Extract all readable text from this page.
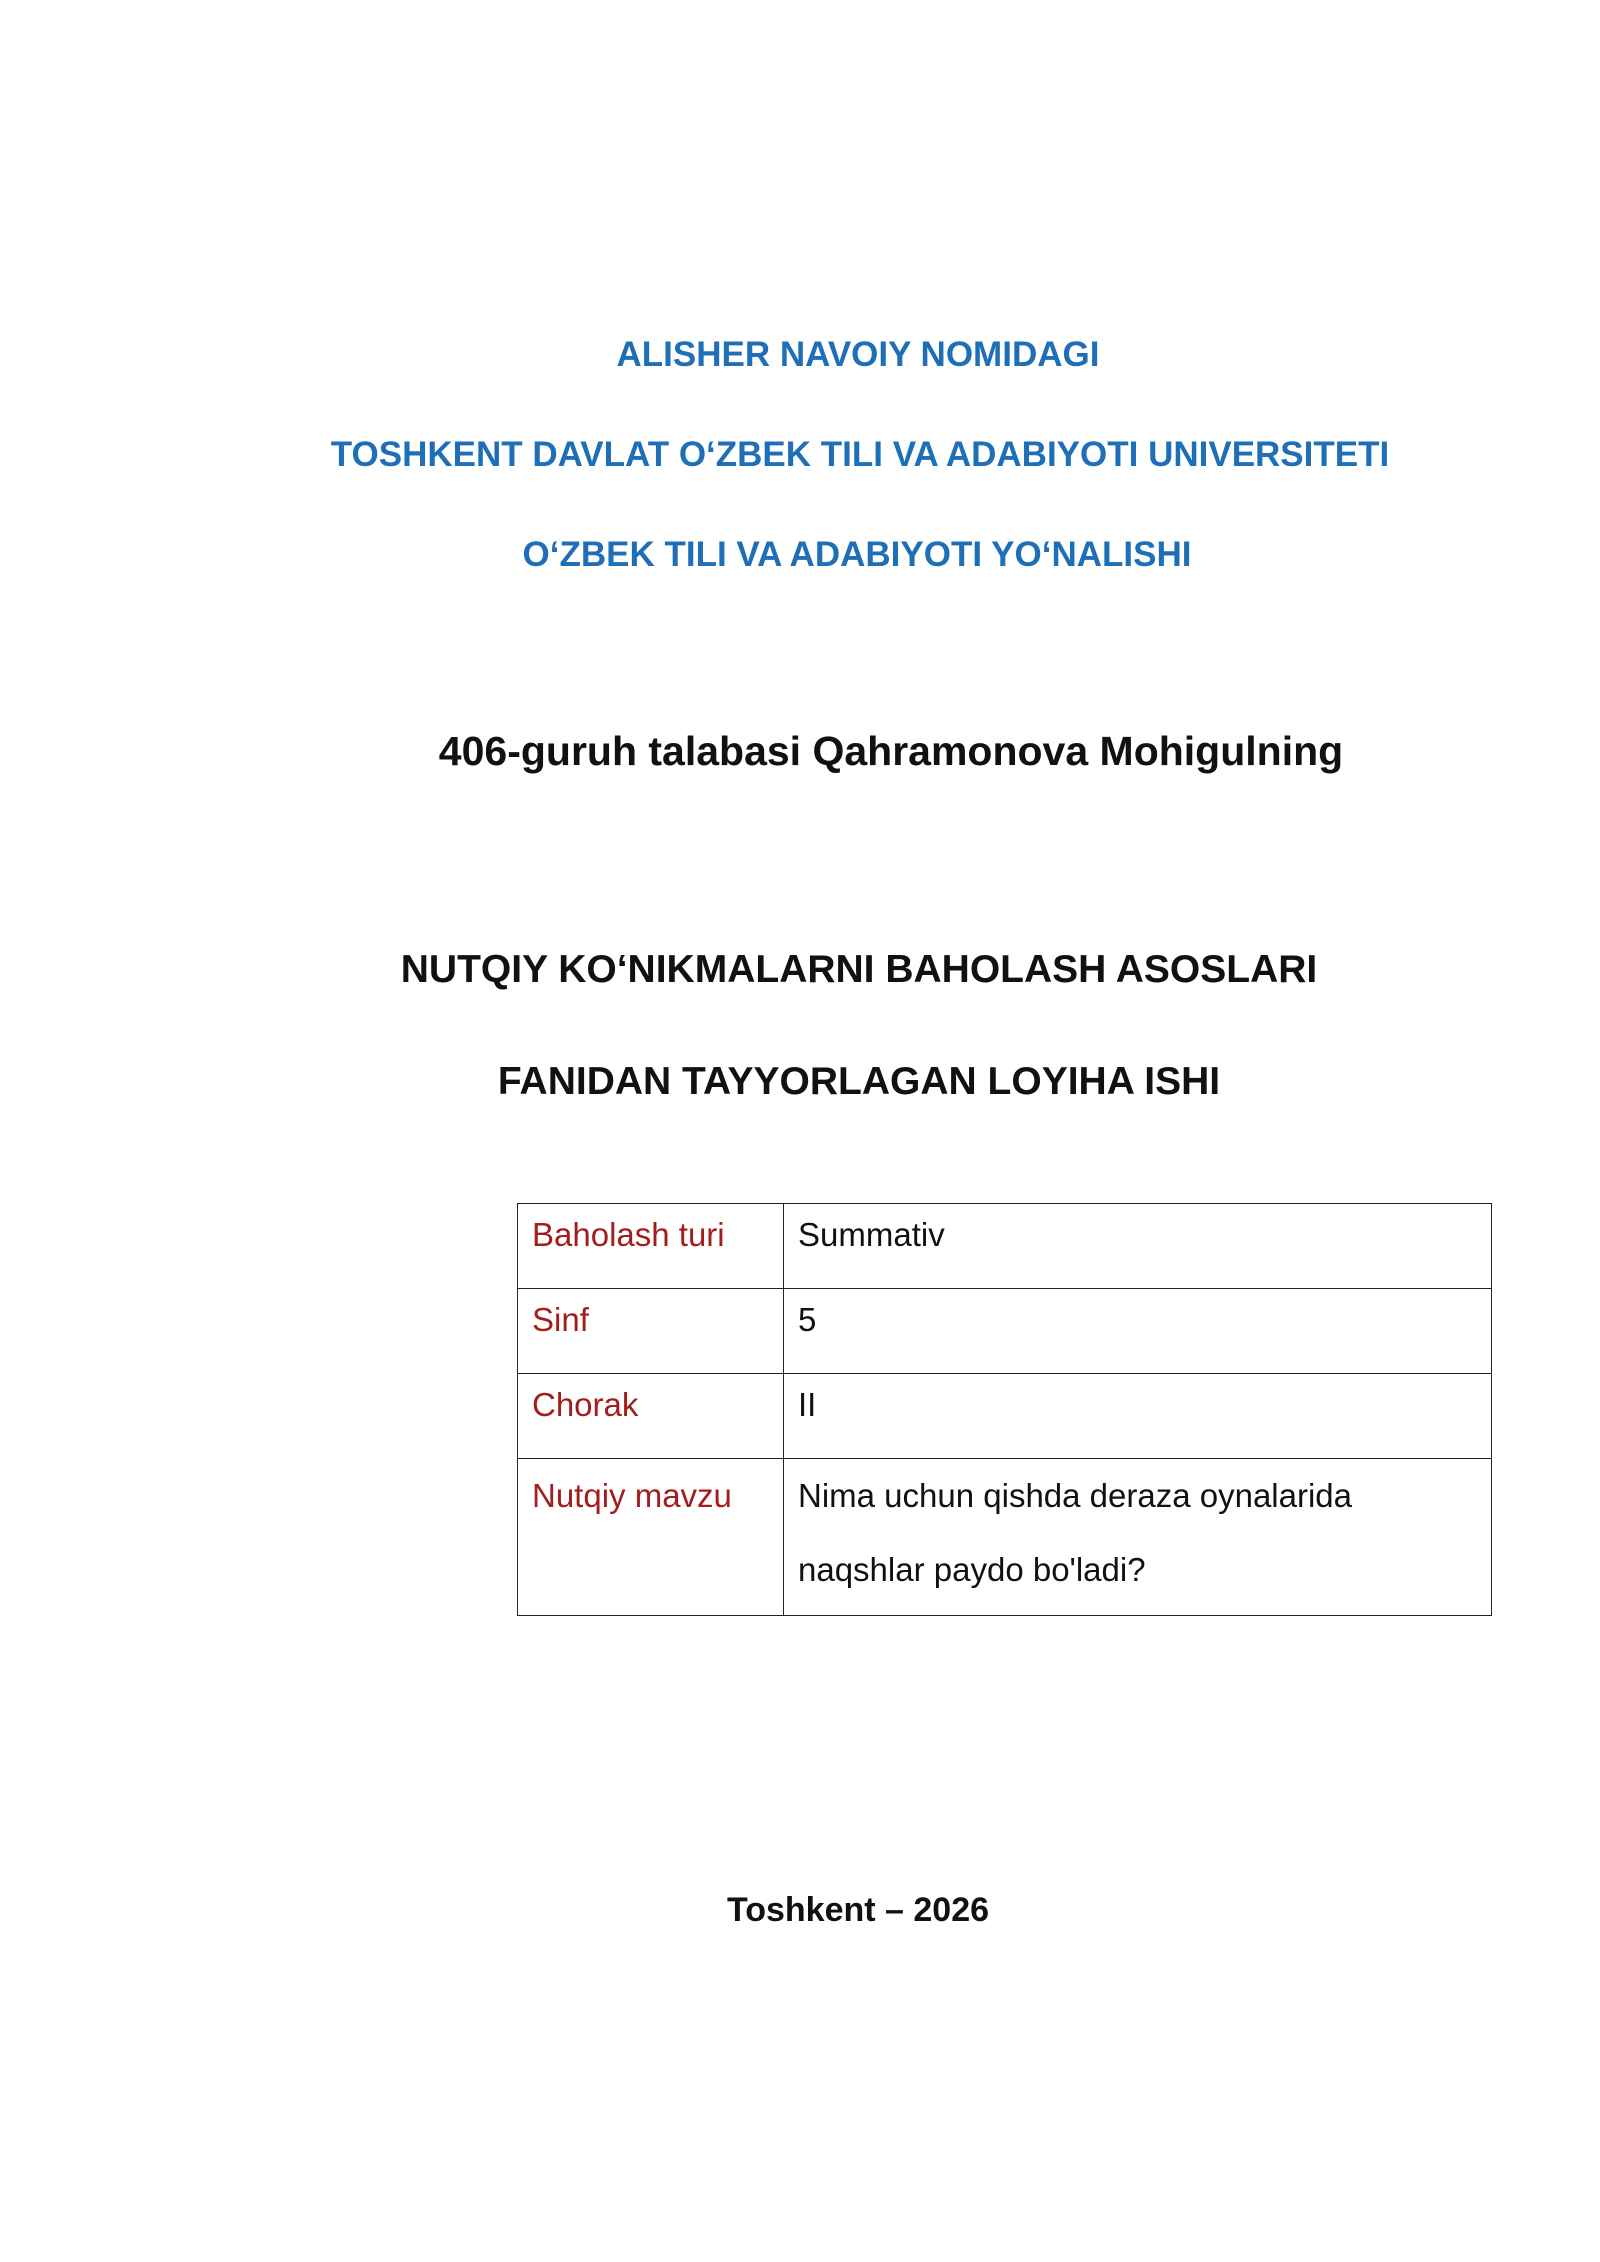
ALISHER NAVOIY NOMIDAGI

TOSHKENT DAVLAT O‘ZBEK TILI VA ADABIYOTI UNIVERSITETI

O‘ZBEK TILI VA ADABIYOTI YO‘NALISHI

406-guruh talabasi Qahramonova Mohigulning

NUTQIY KO‘NIKMALARNI BAHOLASH ASOSLARI

FANIDAN TAYYORLAGAN LOYIHA ISHI

Baholash turi	Summativ
Sinf	5
Chorak	II
Nutqiy mavzu	Nima uchun qishda deraza oynalarida
naqshlar paydo bo'ladi?

Toshkent – 2026
